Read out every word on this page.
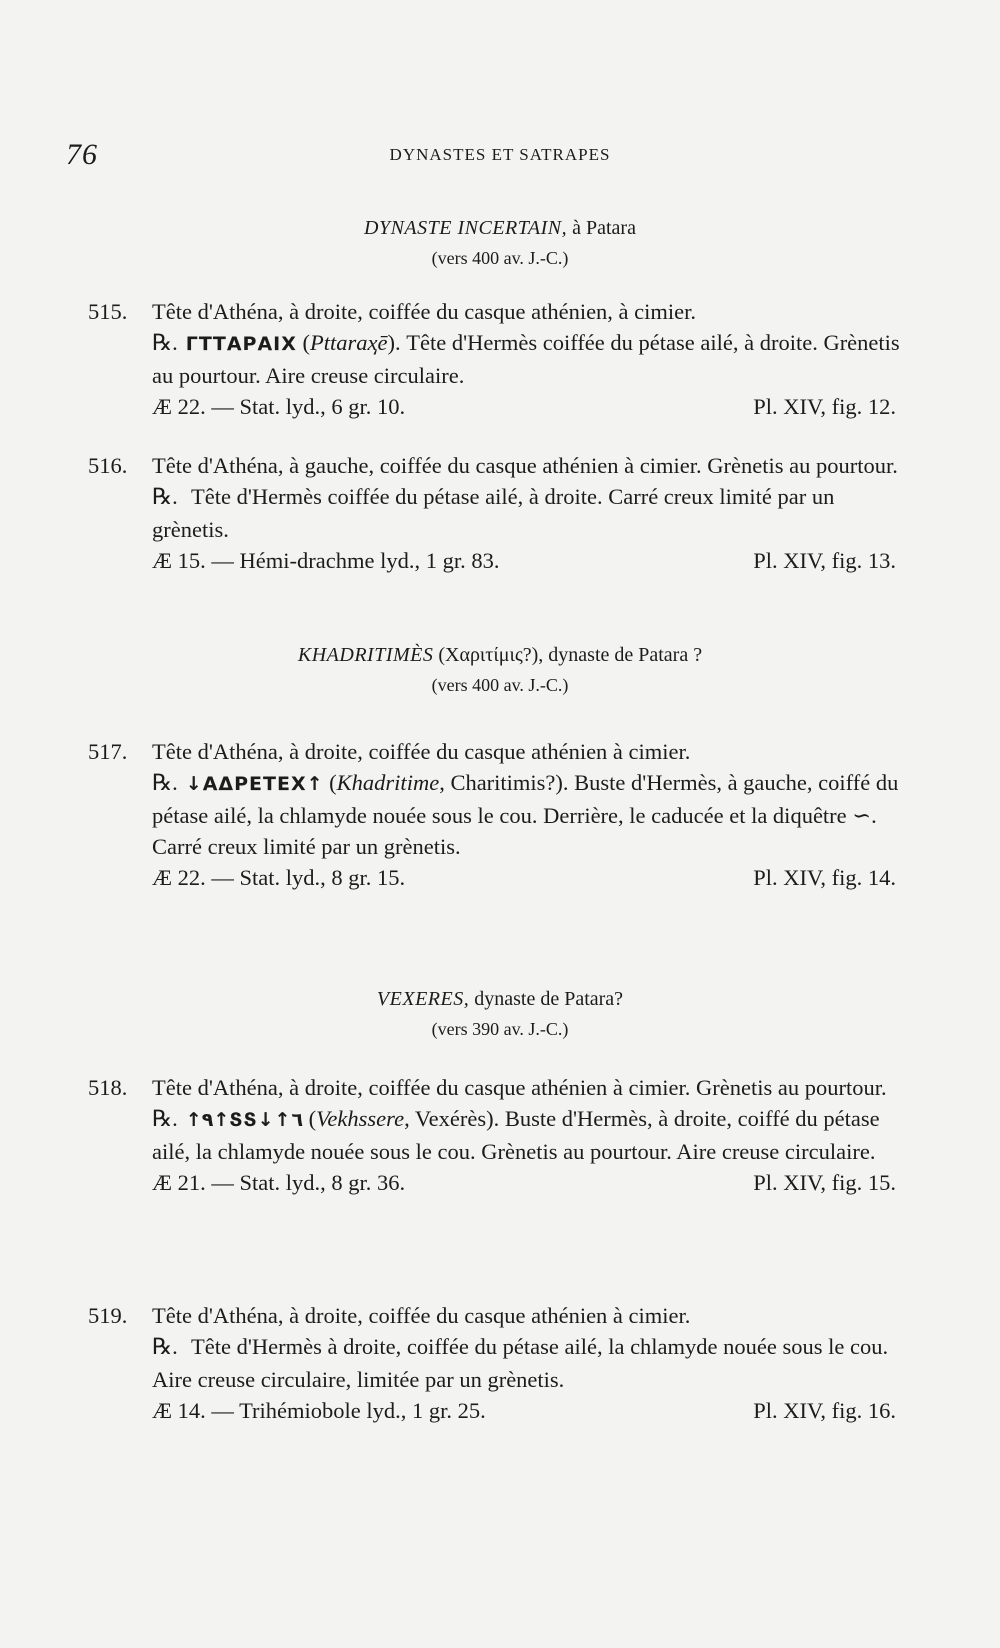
76	DYNASTES ET SATRAPES
DYNASTE INCERTAIN, à Patara
(vers 400 av. J.-C.)
515.	Tête d'Athéna, à droite, coiffée du casque athénien, à cimier.
℞. ΓΤΤΑΡΑΙΧ (Pttaraҳē). Tête d'Hermès coiffée du pétase ailé, à droite. Grènetis au pourtour. Aire creuse circulaire.
Æ 22. — Stat. lyd., 6 gr. 10.	Pl. XIV, fig. 12.
516.	Tête d'Athéna, à gauche, coiffée du casque athénien à cimier. Grènetis au pourtour.
℞. Tête d'Hermès coiffée du pétase ailé, à droite. Carré creux limité par un grènetis.
Æ 15. — Hémi-drachme lyd., 1 gr. 83.	Pl. XIV, fig. 13.
KHADRITIMÈS (Χαριτίμις?), dynaste de Patara ?
(vers 400 av. J.-C.)
517.	Tête d'Athéna, à droite, coiffée du casque athénien à cimier.
℞. ↓ΑΔΡΕΤΕΧ↑ (Khadritime, Charitimis?). Buste d'Hermès, à gauche, coiffé du pétase ailé, la chlamyde nouée sous le cou. Derrière, le caducée et la diquêtre ∽. Carré creux limité par un grènetis.
Æ 22. — Stat. lyd., 8 gr. 15.	Pl. XIV, fig. 14.
VEXERES, dynaste de Patara?
(vers 390 av. J.-C.)
518.	Tête d'Athéna, à droite, coiffée du casque athénien à cimier. Grènetis au pourtour.
℞. ↑٩↑ՏՏ↓↑٦ (Vekhssere, Vexérès). Buste d'Hermès, à droite, coiffé du pétase ailé, la chlamyde nouée sous le cou. Grènetis au pourtour. Aire creuse circulaire.
Æ 21. — Stat. lyd., 8 gr. 36.	Pl. XIV, fig. 15.
519.	Tête d'Athéna, à droite, coiffée du casque athénien à cimier.
℞. Tête d'Hermès à droite, coiffée du pétase ailé, la chlamyde nouée sous le cou. Aire creuse circulaire, limitée par un grènetis.
Æ 14. — Trihémiobole lyd., 1 gr. 25.	Pl. XIV, fig. 16.
